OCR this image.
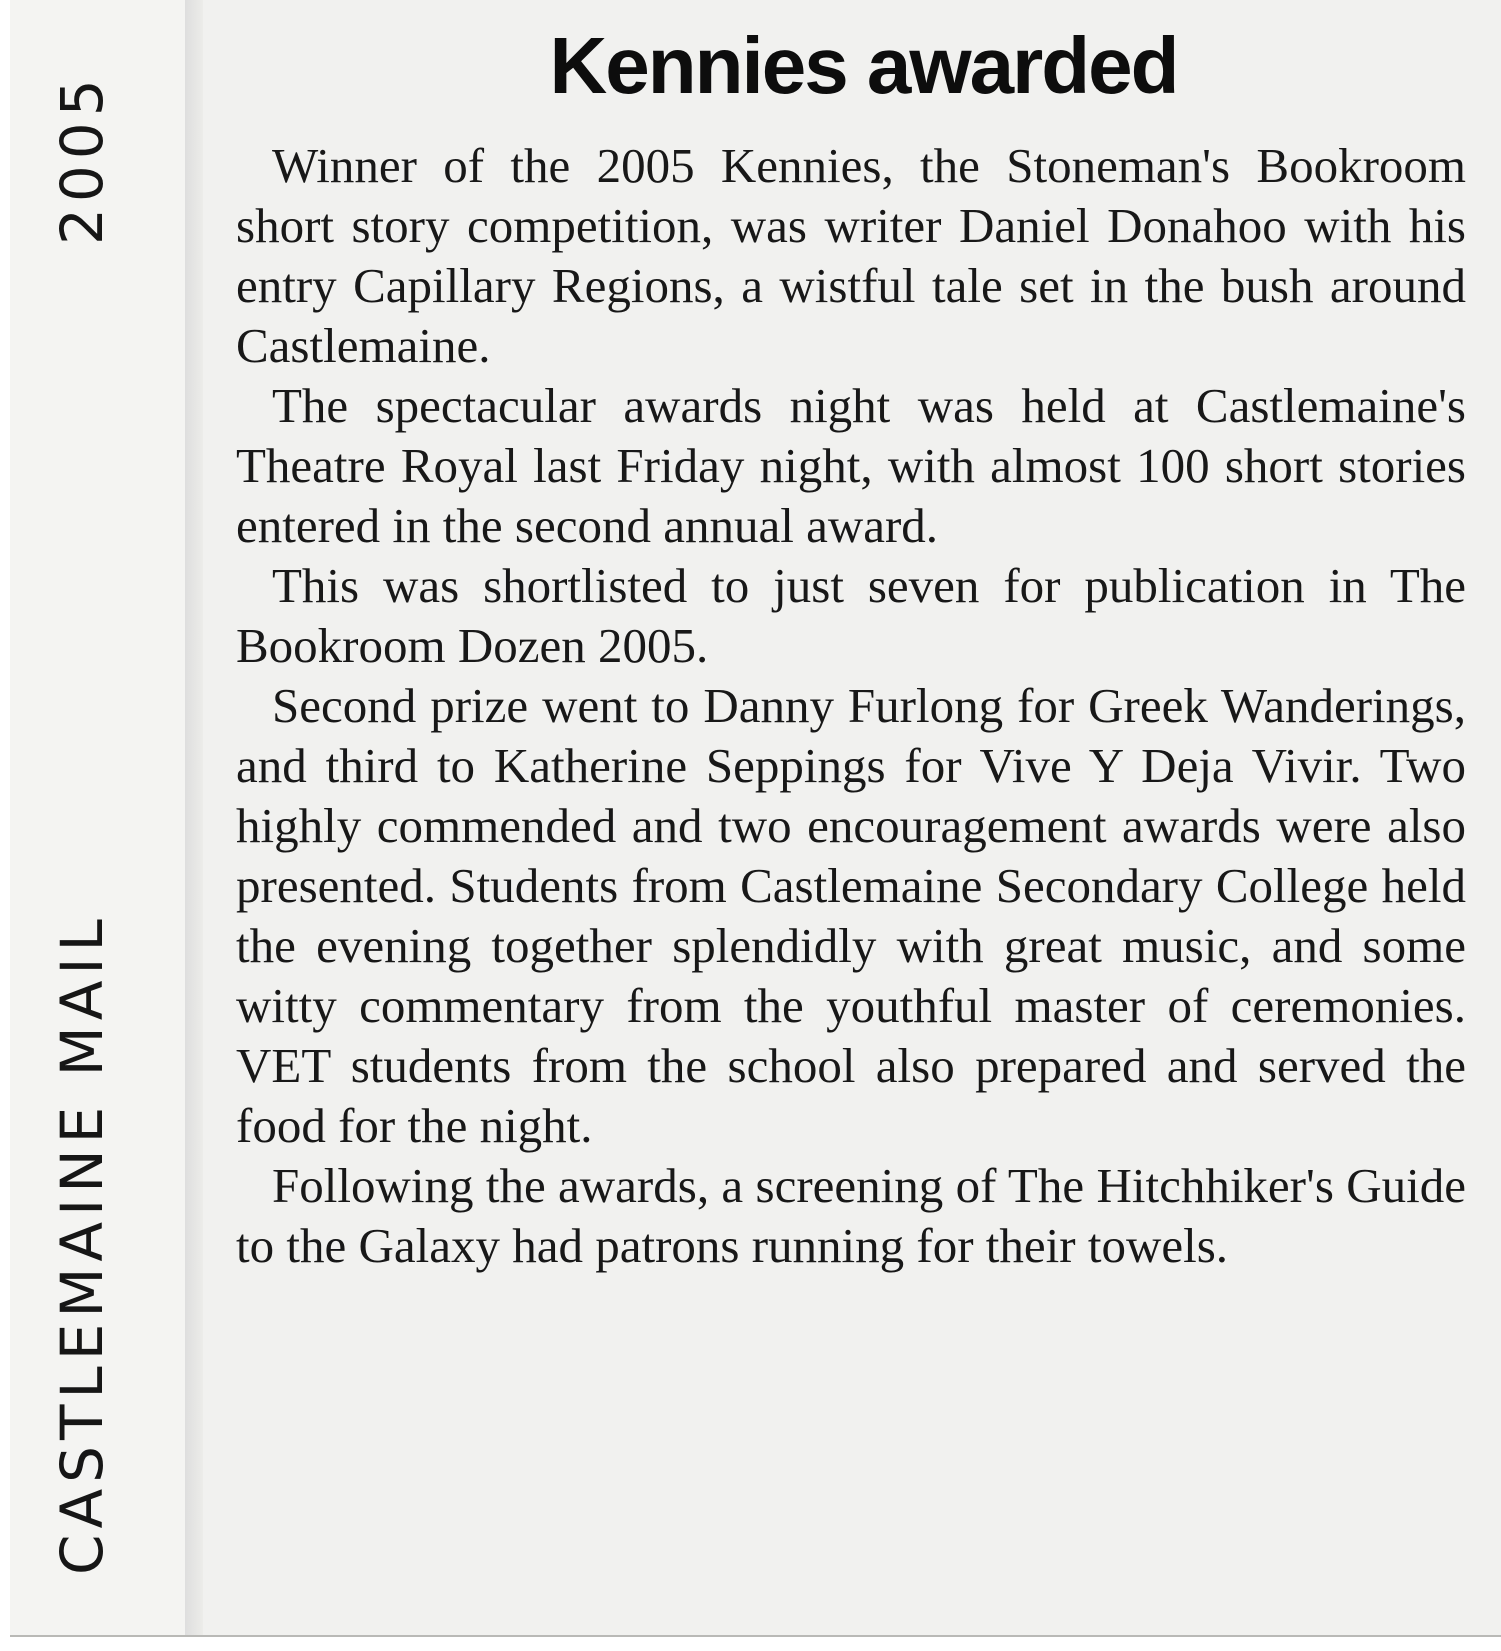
CASTLEMAINE MAIL
2005
Kennies awarded

Winner of the 2005 Kennies, the Stoneman's Bookroom short story competition, was writer Daniel Donahoo with his entry Capillary Regions, a wistful tale set in the bush around Castlemaine.

The spectacular awards night was held at Castlemaine's Theatre Royal last Friday night, with almost 100 short stories entered in the second annual award.

This was shortlisted to just seven for publication in The Bookroom Dozen 2005.

Second prize went to Danny Furlong for Greek Wanderings, and third to Katherine Seppings for Vive Y Deja Vivir. Two highly commended and two encouragement awards were also presented. Students from Castlemaine Secondary College held the evening together splendidly with great music, and some witty commentary from the youthful master of ceremonies. VET students from the school also prepared and served the food for the night.

Following the awards, a screening of The Hitchhiker's Guide to the Galaxy had patrons running for their towels.
